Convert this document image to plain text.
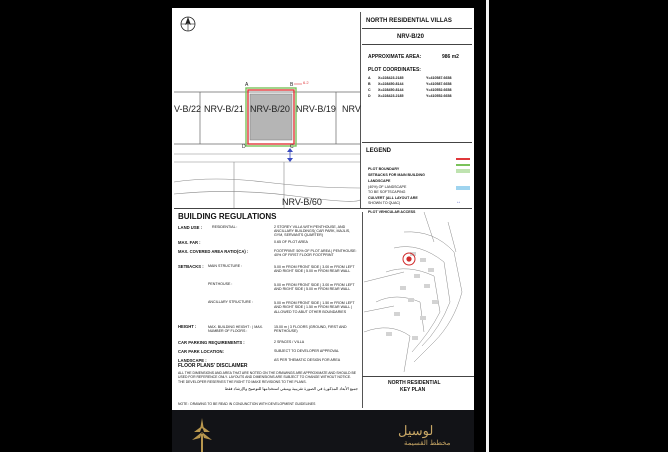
V-B/22 NRV-B/21 NRV-B/20 NRV-B/19 NRV
NRV-B/60
A	B
C
D
6.2
NORTH RESIDENTIAL VILLAS
NRV-B/20
APPROXIMATE AREA:	986 m2
PLOT COORDINATES:
A X=228423.2185	Y=410587.6658
B X=228450.8144	Y=410587.6658
C X=228450.8144	Y=410552.6658
D X=228423.2185	Y=410552.6658
LEGEND
PLOT BOUNDARY
SETBACKS FOR MAIN BUILDING
LANDSCAPE
(40%) OF LANDSCAPE
TO BE SOFTSCAPING
CULVERT (ALL LAYOUT ARE
SHOWN TO QUAC)
PLOT VEHICULAR ACCESS
↔
BUILDING REGULATIONS
LAND USE :	RESIDENTIAL :	2 STOREY VILLA WITH PENTHOUSE, AND ANCILLARY BUILDINGS( CAR PARK, MAJLIS, GYM, SERVANTS QUARTER)
MAX. FAR :	0.65 OF PLOT AREA
MAX. COVERED AREA RATIO(CA) :	FOOTPRINT: 50% OF PLOT AREA | PENTHOUSE: 40% OF FIRST FLOOR FOOTPRINT
SETBACKS : MAIN STRUCTURE :	5.00 m FROM FRONT SIDE | 3.00 m FROM LEFT AND RIGHT SIDE | 5.00 m FROM REAR WALL
PENTHOUSE :	5.00 m FROM FRONT SIDE | 3.00 m FROM LEFT AND RIGHT SIDE | 5.00 m FROM REAR WALL
ANCILLARY STRUCTURE :	5.00 m FROM FRONT SIDE | 1.50 m FROM LEFT AND RIGHT SIDE | 1.50 m FROM REAR WALL | ALLOWED TO ABUT OTHER BOUNDARIES
HEIGHT :	MAX. BUILDING HEIGHT : | MAX. NUMBER OF FLOORS :
15.00 m | 3 FLOORS (GROUND, FIRST AND PENTHOUSE)
CAR PARKING REQUIREMENTS :	2 SPACES / VILLA
CAR PARK LOCATION:	SUBJECT TO DEVELOPER APPROVAL
LANDSCAPE :	AS PER THEMATIC DESIGN FOR AREA
FLOOR PLANS' DISCLAIMER
ALL THE DIMENSIONS AND AREA THAT ARE NOTED ON THE DRAWINGS ARE APPROXIMATE AND SHOULD BE USED FOR REFERENCE ONLY. LAYOUTS AND DIMENSIONS ARE SUBJECT TO CHANGE WITHOUT NOTICE. THE DEVELOPER RESERVES THE RIGHT TO MAKE REVISIONS TO THE PLANS.
جميع الأبعاد المذكورة في الصورة تقريبية وينبغي استخدامها للتوضيح والإرشاد فقط
NOTE : DRAWING TO BE READ IN CONJUNCTION WITH DEVELOPMENT GUIDELINES
NORTH RESIDENTIAL
KEY PLAN
لوسيل
مخطط القسيمة
